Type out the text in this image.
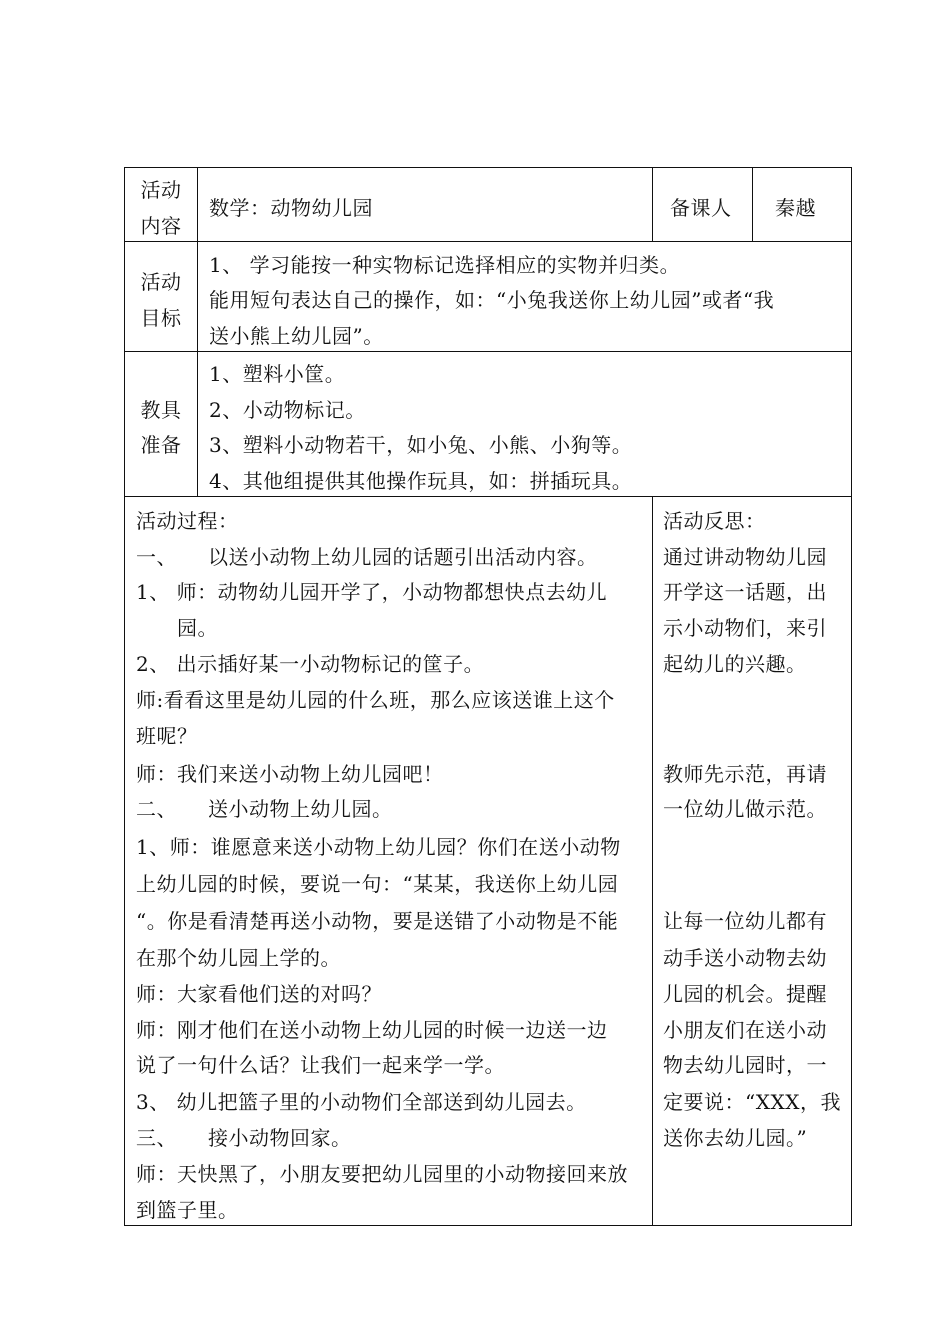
活动
内容
数学：动物幼儿园	备课人 秦越
活动
目标
1、 学习能按一种实物标记选择相应的实物并归类。
能用短句表达自己的操作，如：“小兔我送你上幼儿园”或者“我
送小熊上幼儿园”。
教具
准备
1、塑料小筐。
2、小动物标记。
3、塑料小动物若干，如小兔、小熊、小狗等。
4、其他组提供其他操作玩具，如：拼插玩具。
活动过程：
一、　　以送小动物上幼儿园的话题引出活动内容。
1、 师：动物幼儿园开学了，小动物都想快点去幼儿
　　园。
2、 出示插好某一小动物标记的筐子。
师:看看这里是幼儿园的什么班，那么应该送谁上这个
班呢？
师：我们来送小动物上幼儿园吧！
二、　　送小动物上幼儿园。
1、师：谁愿意来送小动物上幼儿园？你们在送小动物
上幼儿园的时候，要说一句：“某某，我送你上幼儿园
“。你是看清楚再送小动物，要是送错了小动物是不能
在那个幼儿园上学的。
师：大家看他们送的对吗？
师：刚才他们在送小动物上幼儿园的时候一边送一边
说了一句什么话？让我们一起来学一学。
3、 幼儿把篮子里的小动物们全部送到幼儿园去。
三、　　接小动物回家。
师：天快黑了，小朋友要把幼儿园里的小动物接回来放
到篮子里。
活动反思：
通过讲动物幼儿园
开学这一话题，出
示小动物们，来引
起幼儿的兴趣。
教师先示范，再请
一位幼儿做示范。
让每一位幼儿都有
动手送小动物去幼
儿园的机会。提醒
小朋友们在送小动
物去幼儿园时，一
定要说：“XXX，我
送你去幼儿园。”
